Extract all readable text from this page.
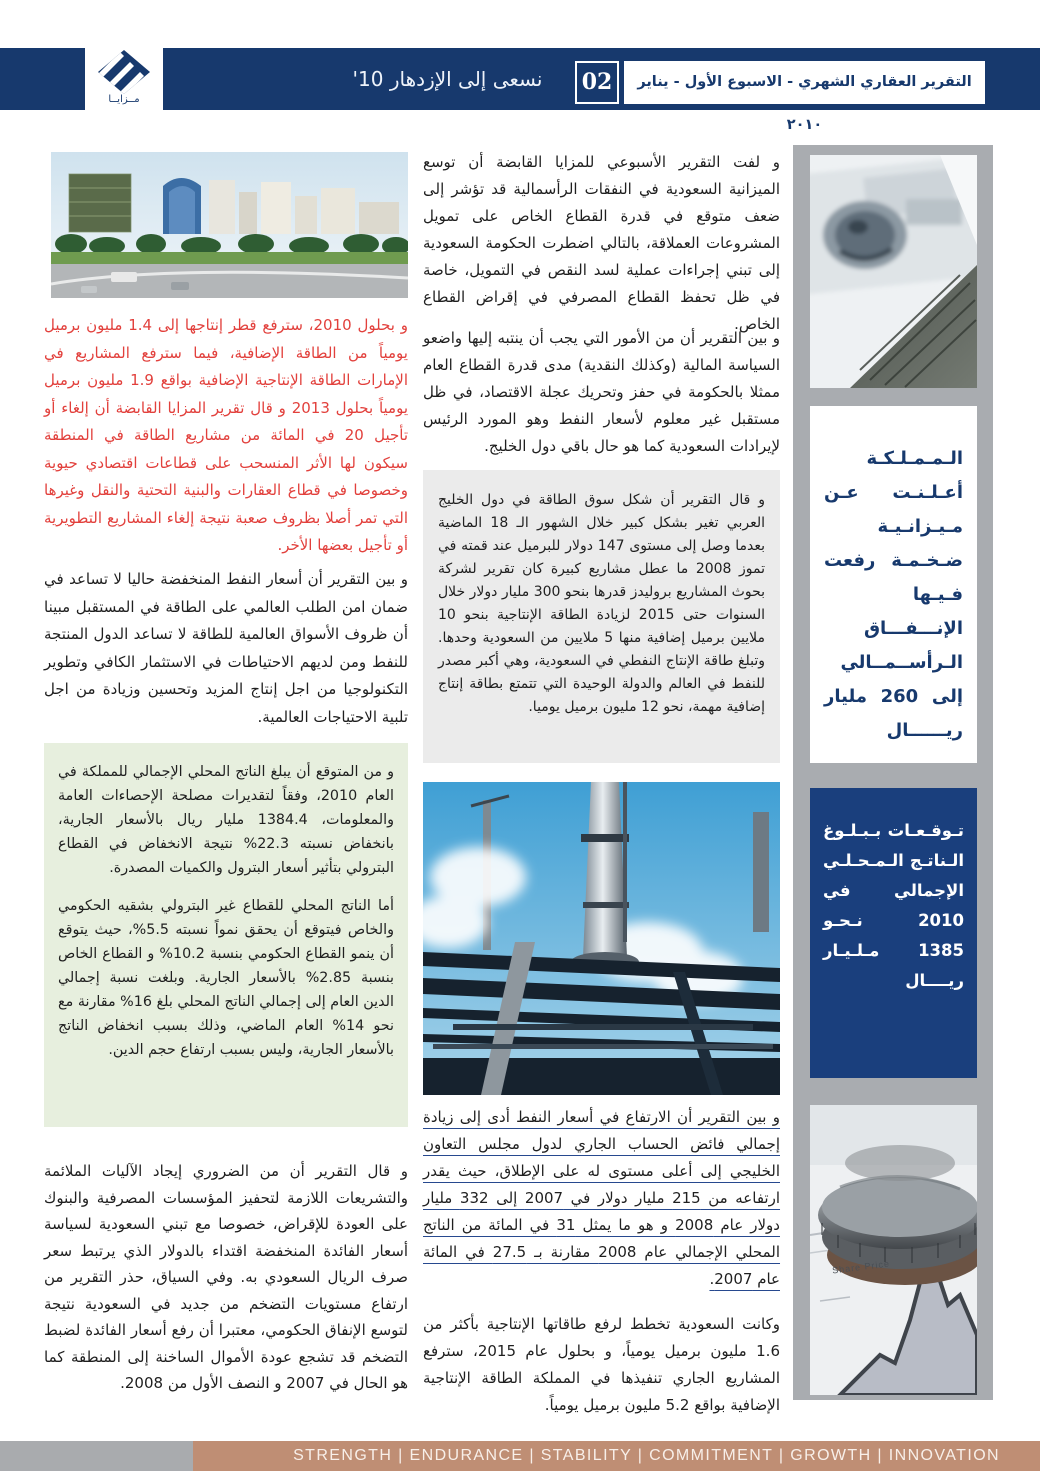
مــزايــا
نسعى إلى الإزدهار ‎'10	02	التقرير العقاري الشهري - الاسبوع الأول - يناير ٢٠١٠
و بحلول 2010، سترفع قطر إنتاجها إلى 1.4 مليون برميل يومياً من الطاقة الإضافية، فيما سترفع المشاريع في الإمارات الطاقة الإنتاجية الإضافية بواقع 1.9 مليون برميل يومياً بحلول 2013 و قال تقرير المزايا القابضة أن إلغاء أو تأجيل 20 في المائة من مشاريع الطاقة في المنطقة سيكون لها الأثر المنسحب على قطاعات اقتصادي حيوية وخصوصا في قطاع العقارات والبنية التحتية والنقل وغيرها التي تمر أصلا بظروف صعبة نتيجة إلغاء المشاريع التطويرية أو تأجيل بعضها الأخر.
و بين التقرير أن أسعار النفط المنخفضة حاليا لا تساعد في ضمان امن الطلب العالمي على الطاقة في المستقبل مبينا أن ظروف الأسواق العالمية للطاقة لا تساعد الدول المنتجة للنفط ومن لديهم الاحتياطات في الاستثمار الكافي وتطوير التكنولوجيا من اجل إنتاج المزيد وتحسين وزيادة من اجل تلبية الاحتياجات العالمية.
و من المتوقع أن يبلغ الناتج المحلي الإجمالي للمملكة في العام 2010، وفقاً لتقديرات مصلحة الإحصاءات العامة والمعلومات، 1384.4 مليار ريال بالأسعار الجارية، بانخفاض نسبته 22.3% نتيجة الانخفاض في القطاع البترولي بتأثير أسعار البترول والكميات المصدرة.
أما الناتج المحلي للقطاع غير البترولي بشقيه الحكومي والخاص فيتوقع أن يحقق نمواً نسبته 5.5%، حيث يتوقع أن ينمو القطاع الحكومي بنسبة 10.2% و القطاع الخاص بنسبة 2.85% بالأسعار الجارية. وبلغت نسبة إجمالي الدين العام إلى إجمالي الناتج المحلي بلغ 16% مقارنة مع نحو 14% العام الماضي، وذلك بسبب انخفاض الناتج بالأسعار الجارية، وليس بسبب ارتفاع حجم الدين.
و قال التقرير أن من الضروري إيجاد الآليات الملائمة والتشريعات اللازمة لتحفيز المؤسسات المصرفية والبنوك على العودة للإقراض، خصوصا مع تبني السعودية لسياسة أسعار الفائدة المنخفضة اقتداء بالدولار الذي يرتبط سعر صرف الريال السعودي به. وفي السياق، حذر التقرير من ارتفاع مستويات التضخم من جديد في السعودية نتيجة لتوسع الإنفاق الحكومي، معتبرا أن رفع أسعار الفائدة لضبط التضخم قد تشجع عودة الأموال الساخنة إلى المنطقة كما هو الحال في 2007 و النصف الأول من 2008.
و لفت التقرير الأسبوعي للمزايا القابضة أن توسع الميزانية السعودية في النفقات الرأسمالية قد تؤشر إلى ضعف متوقع في قدرة القطاع الخاص على تمويل المشروعات العملاقة، بالتالي اضطرت الحكومة السعودية إلى تبني إجراءات عملية لسد النقص في التمويل، خاصة في ظل تحفظ القطاع المصرفي في إقراض القطاع الخاص.
و بين التقرير أن من الأمور التي يجب أن ينتبه إليها واضعو السياسة المالية (وكذلك النقدية) مدى قدرة القطاع العام ممثلا بالحكومة في حفز وتحريك عجلة الاقتصاد، في ظل مستقبل غير معلوم لأسعار النفط وهو المورد الرئيس لإيرادات السعودية كما هو حال باقي دول الخليج.
و قال التقرير أن شكل سوق الطاقة في دول الخليج العربي تغير بشكل كبير خلال الشهور الـ 18 الماضية بعدما وصل إلى مستوى 147 دولار للبرميل عند قمته في تموز 2008 ما عطل مشاريع كبيرة كان تقرير لشركة بحوث المشاريع بروليدز قدرها بنحو 300 مليار دولار خلال السنوات حتى 2015 لزيادة الطاقة الإنتاجية بنحو 10 ملايين برميل إضافية منها 5 ملايين من السعودية وحدها. وتبلغ طاقة الإنتاج النفطي في السعودية، وهي أكبر مصدر للنفط في العالم والدولة الوحيدة التي تتمتع بطاقة إنتاج إضافية مهمة، نحو 12 مليون برميل يوميا.
و بين التقرير أن الارتفاع في أسعار النفط أدى إلى زيادة إجمالي فائض الحساب الجاري لدول مجلس التعاون الخليجي إلى أعلى مستوى له على الإطلاق، حيث يقدر ارتفاعه من 215 مليار دولار في 2007 إلى 332 مليار دولار عام 2008 و هو ما يمثل 31 في المائة من الناتج المحلي الإجمالي عام 2008 مقارنة بـ 27.5 في المائة عام 2007.
وكانت السعودية تخطط لرفع طاقاتها الإنتاجية بأكثر من 1.6 مليون برميل يومياً، و بحلول عام 2015، سترفع المشاريع الجاري تنفيذها في المملكة الطاقة الإنتاجية الإضافية بواقع 5.2 مليون برميل يومياً.
الـمـمـلـكـة أعـلـنـت عـن مـيـزانـيـة ضـخـمـة رفعت فـيـها الإنـــفـــاق الـرأســمــالي إلى 260 مليار ريــــــال
تـوقـعـات بـبـلـوغ الـناتـج الـمـحـلـي الإجمالي في 2010 نـحـو 1385 مـلـيـار ريــــال
Share Price
STRENGTH | ENDURANCE | STABILITY | COMMITMENT | GROWTH | INNOVATION
